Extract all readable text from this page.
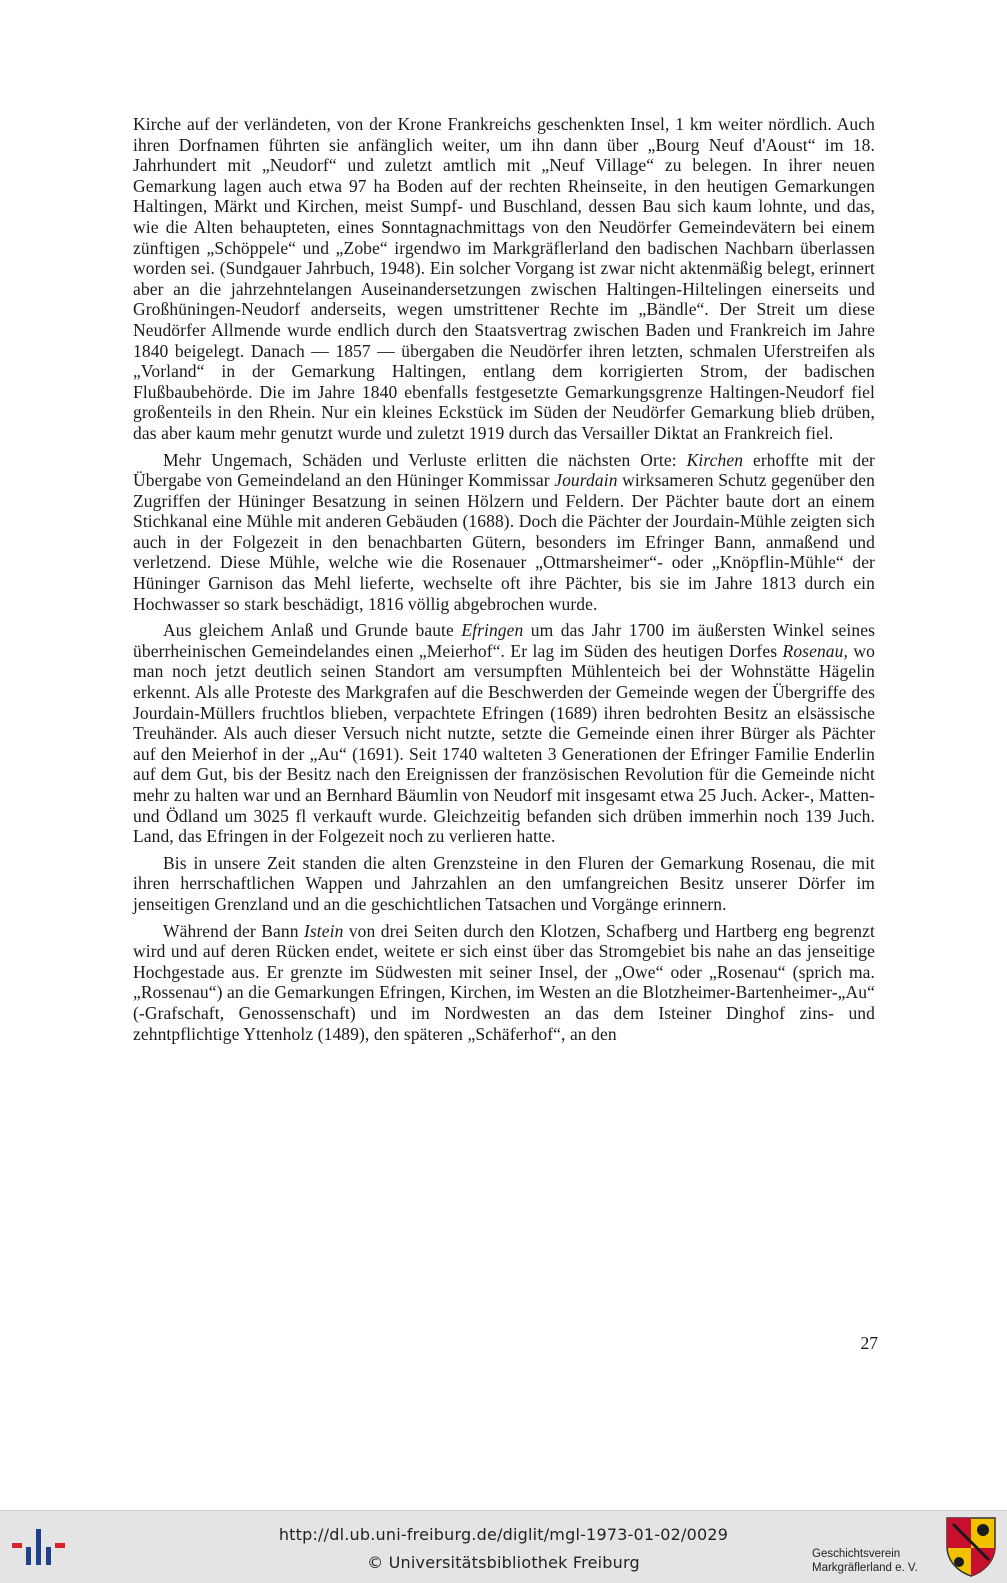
Kirche auf der verländeten, von der Krone Frankreichs geschenkten Insel, 1 km weiter nördlich. Auch ihren Dorfnamen führten sie anfänglich weiter, um ihn dann über „Bourg Neuf d'Aoust“ im 18. Jahrhundert mit „Neudorf“ und zuletzt amtlich mit „Neuf Village“ zu belegen. In ihrer neuen Gemarkung lagen auch etwa 97 ha Boden auf der rechten Rheinseite, in den heutigen Gemarkungen Haltingen, Märkt und Kirchen, meist Sumpf- und Buschland, dessen Bau sich kaum lohnte, und das, wie die Alten behaupteten, eines Sonntagnachmittags von den Neudörfer Gemeindevätern bei einem zünftigen „Schöppele“ und „Zobe“ irgendwo im Markgräflerland den badischen Nachbarn überlassen worden sei. (Sundgauer Jahrbuch, 1948). Ein solcher Vorgang ist zwar nicht aktenmäßig belegt, erinnert aber an die jahrzehntelangen Auseinandersetzungen zwischen Haltingen-Hiltelingen einerseits und Großhüningen-Neudorf anderseits, wegen umstrittener Rechte im „Bändle“. Der Streit um diese Neudörfer Allmende wurde endlich durch den Staatsvertrag zwischen Baden und Frankreich im Jahre 1840 beigelegt. Danach — 1857 — übergaben die Neudörfer ihren letzten, schmalen Uferstreifen als „Vorland“ in der Gemarkung Haltingen, entlang dem korrigierten Strom, der badischen Flußbaubehörde. Die im Jahre 1840 ebenfalls festgesetzte Gemarkungsgrenze Haltingen-Neudorf fiel großenteils in den Rhein. Nur ein kleines Eckstück im Süden der Neudörfer Gemarkung blieb drüben, das aber kaum mehr genutzt wurde und zuletzt 1919 durch das Versailler Diktat an Frankreich fiel.

Mehr Ungemach, Schäden und Verluste erlitten die nächsten Orte: Kirchen erhoffte mit der Übergabe von Gemeindeland an den Hüninger Kommissar Jourdain wirksameren Schutz gegenüber den Zugriffen der Hüninger Besatzung in seinen Hölzern und Feldern. Der Pächter baute dort an einem Stichkanal eine Mühle mit anderen Gebäuden (1688). Doch die Pächter der Jourdain-Mühle zeigten sich auch in der Folgezeit in den benachbarten Gütern, besonders im Efringer Bann, anmaßend und verletzend. Diese Mühle, welche wie die Rosenauer „Ottmarsheimer“- oder „Knöpflin-Mühle“ der Hüninger Garnison das Mehl lieferte, wechselte oft ihre Pächter, bis sie im Jahre 1813 durch ein Hochwasser so stark beschädigt, 1816 völlig abgebrochen wurde.

Aus gleichem Anlaß und Grunde baute Efringen um das Jahr 1700 im äußersten Winkel seines überrheinischen Gemeindelandes einen „Meierhof“. Er lag im Süden des heutigen Dorfes Rosenau, wo man noch jetzt deutlich seinen Standort am versumpften Mühlenteich bei der Wohnstätte Hägelin erkennt. Als alle Proteste des Markgrafen auf die Beschwerden der Gemeinde wegen der Übergriffe des Jourdain-Müllers fruchtlos blieben, verpachtete Efringen (1689) ihren bedrohten Besitz an elsässische Treuhänder. Als auch dieser Versuch nicht nutzte, setzte die Gemeinde einen ihrer Bürger als Pächter auf den Meierhof in der „Au“ (1691). Seit 1740 walteten 3 Generationen der Efringer Familie Enderlin auf dem Gut, bis der Besitz nach den Ereignissen der französischen Revolution für die Gemeinde nicht mehr zu halten war und an Bernhard Bäumlin von Neudorf mit insgesamt etwa 25 Juch. Acker-, Matten- und Ödland um 3025 fl verkauft wurde. Gleichzeitig befanden sich drüben immerhin noch 139 Juch. Land, das Efringen in der Folgezeit noch zu verlieren hatte.

Bis in unsere Zeit standen die alten Grenzsteine in den Fluren der Gemarkung Rosenau, die mit ihren herrschaftlichen Wappen und Jahrzahlen an den umfangreichen Besitz unserer Dörfer im jenseitigen Grenzland und an die geschichtlichen Tatsachen und Vorgänge erinnern.

Während der Bann Istein von drei Seiten durch den Klotzen, Schafberg und Hartberg eng begrenzt wird und auf deren Rücken endet, weitete er sich einst über das Stromgebiet bis nahe an das jenseitige Hochgestade aus. Er grenzte im Südwesten mit seiner Insel, der „Owe“ oder „Rosenau“ (sprich ma. „Rossenau“) an die Gemarkungen Efringen, Kirchen, im Westen an die Blotzheimer-Bartenheimer-„Au“ (-Grafschaft, Genossenschaft) und im Nordwesten an das dem Isteiner Dinghof zins- und zehntpflichtige Yttenholz (1489), den späteren „Schäferhof“, an den

27
http://dl.ub.uni-freiburg.de/diglit/mgl-1973-01-02/0029
© Universitätsbibliothek Freiburg	Geschichtsverein
Markgräflerland e. V.
